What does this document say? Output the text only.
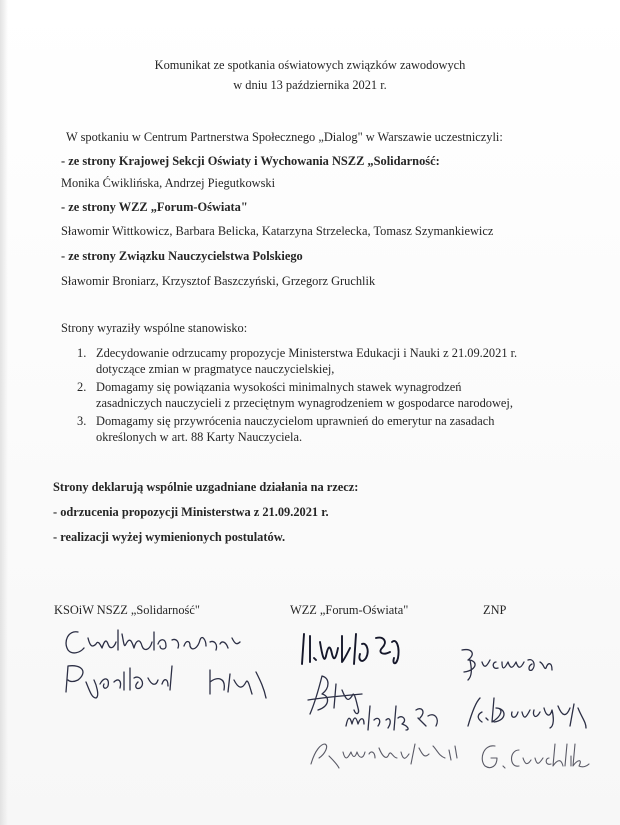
Komunikat ze spotkania oświatowych związków zawodowych

w dniu 13 października 2021 r.

W spotkaniu w Centrum Partnerstwa Społecznego „Dialog" w Warszawie uczestniczyli:

- ze strony Krajowej Sekcji Oświaty i Wychowania NSZZ „Solidarność:

Monika Ćwiklińska, Andrzej Piegutkowski

- ze strony WZZ „Forum-Oświata"

Sławomir Wittkowicz, Barbara Belicka, Katarzyna Strzelecka, Tomasz Szymankiewicz

- ze strony Związku Nauczycielstwa Polskiego

Sławomir Broniarz, Krzysztof Baszczyński, Grzegorz Gruchlik

Strony wyraziły wspólne stanowisko:

1. Zdecydowanie odrzucamy propozycje Ministerstwa Edukacji i Nauki z 21.09.2021 r.
dotyczące zmian w pragmatyce nauczycielskiej,
2. Domagamy się powiązania wysokości minimalnych stawek wynagrodzeń
zasadniczych nauczycieli z przeciętnym wynagrodzeniem w gospodarce narodowej,
3. Domagamy się przywrócenia nauczycielom uprawnień do emerytur na zasadach
określonych w art. 88 Karty Nauczyciela.

Strony deklarują wspólnie uzgadniane działania na rzecz:

- odrzucenia propozycji Ministerstwa z 21.09.2021 r.

- realizacji wyżej wymienionych postulatów.

KSOiW NSZZ „Solidarność"	WZZ „Forum-Oświata"	ZNP
